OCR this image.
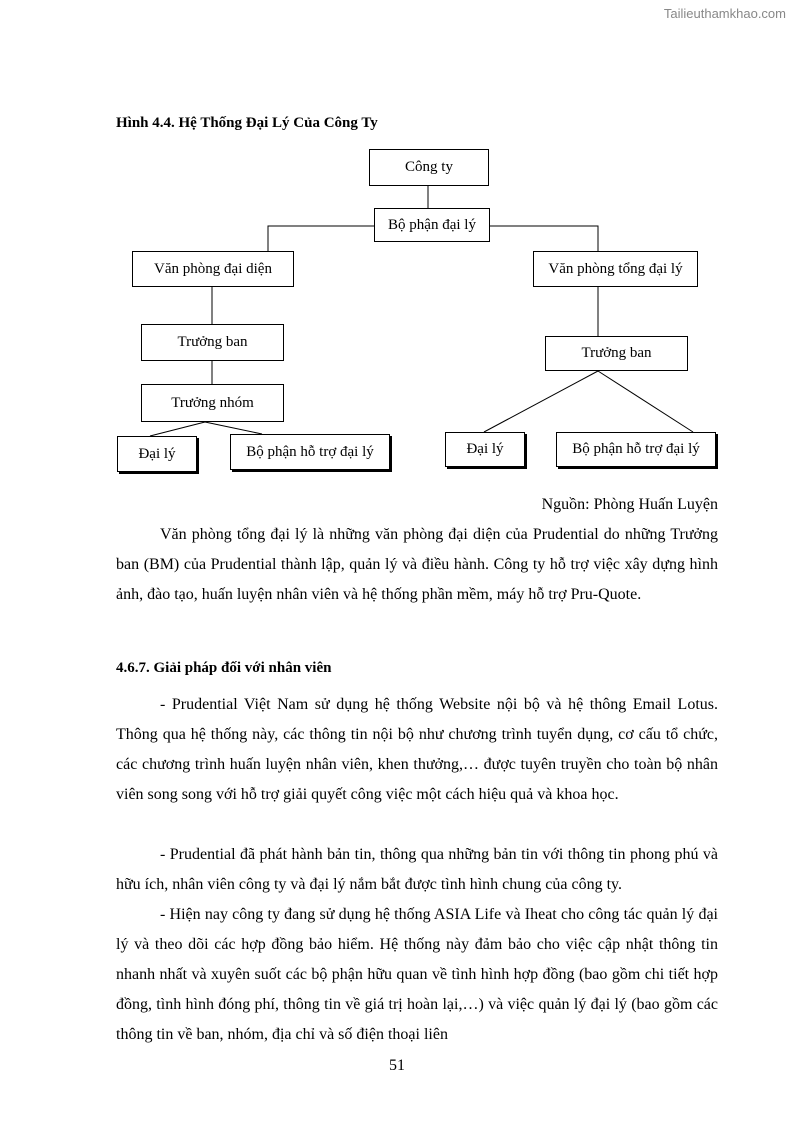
Tailieuthamkhao.com
Hình 4.4. Hệ Thống Đại Lý Của Công Ty
Công ty
Bộ phận đại lý
Văn phòng đại diện	Văn phòng tổng đại lý
Trưởng ban
Trưởng ban
Trưởng nhóm
Đại lý	Bộ phận hỗ trợ đại lý	Đại lý	Bộ phận hỗ trợ đại lý
Nguồn: Phòng Huấn Luyện

Văn phòng tổng đại lý là những văn phòng đại diện của Prudential do những Trưởng ban (BM) của Prudential thành lập, quản lý và điều hành. Công ty hỗ trợ việc xây dựng hình ảnh, đào tạo, huấn luyện nhân viên và hệ thống phần mềm, máy hỗ trợ Pru-Quote.

4.6.7. Giải pháp đối với nhân viên

- Prudential Việt Nam sử dụng hệ thống Website nội bộ và hệ thông Email Lotus. Thông qua hệ thống này, các thông tin nội bộ như chương trình tuyển dụng, cơ cấu tổ chức, các chương trình huấn luyện nhân viên, khen thưởng,… được tuyên truyền cho toàn bộ nhân viên song song với hỗ trợ giải quyết công việc một cách hiệu quả và khoa học.

- Prudential đã phát hành bản tin, thông qua những bản tin với thông tin phong phú và hữu ích, nhân viên công ty và đại lý nắm bắt được tình hình chung của công ty.

- Hiện nay công ty đang sử dụng hệ thống ASIA Life và Iheat cho công tác quản lý đại lý và theo dõi các hợp đồng bảo hiểm. Hệ thống này đảm bảo cho việc cập nhật thông tin nhanh nhất và xuyên suốt các bộ phận hữu quan về tình hình hợp đồng (bao gồm chi tiết hợp đồng, tình hình đóng phí, thông tin về giá trị hoàn lại,…) và việc quản lý đại lý (bao gồm các thông tin về ban, nhóm, địa chỉ và số điện thoại liên

51
